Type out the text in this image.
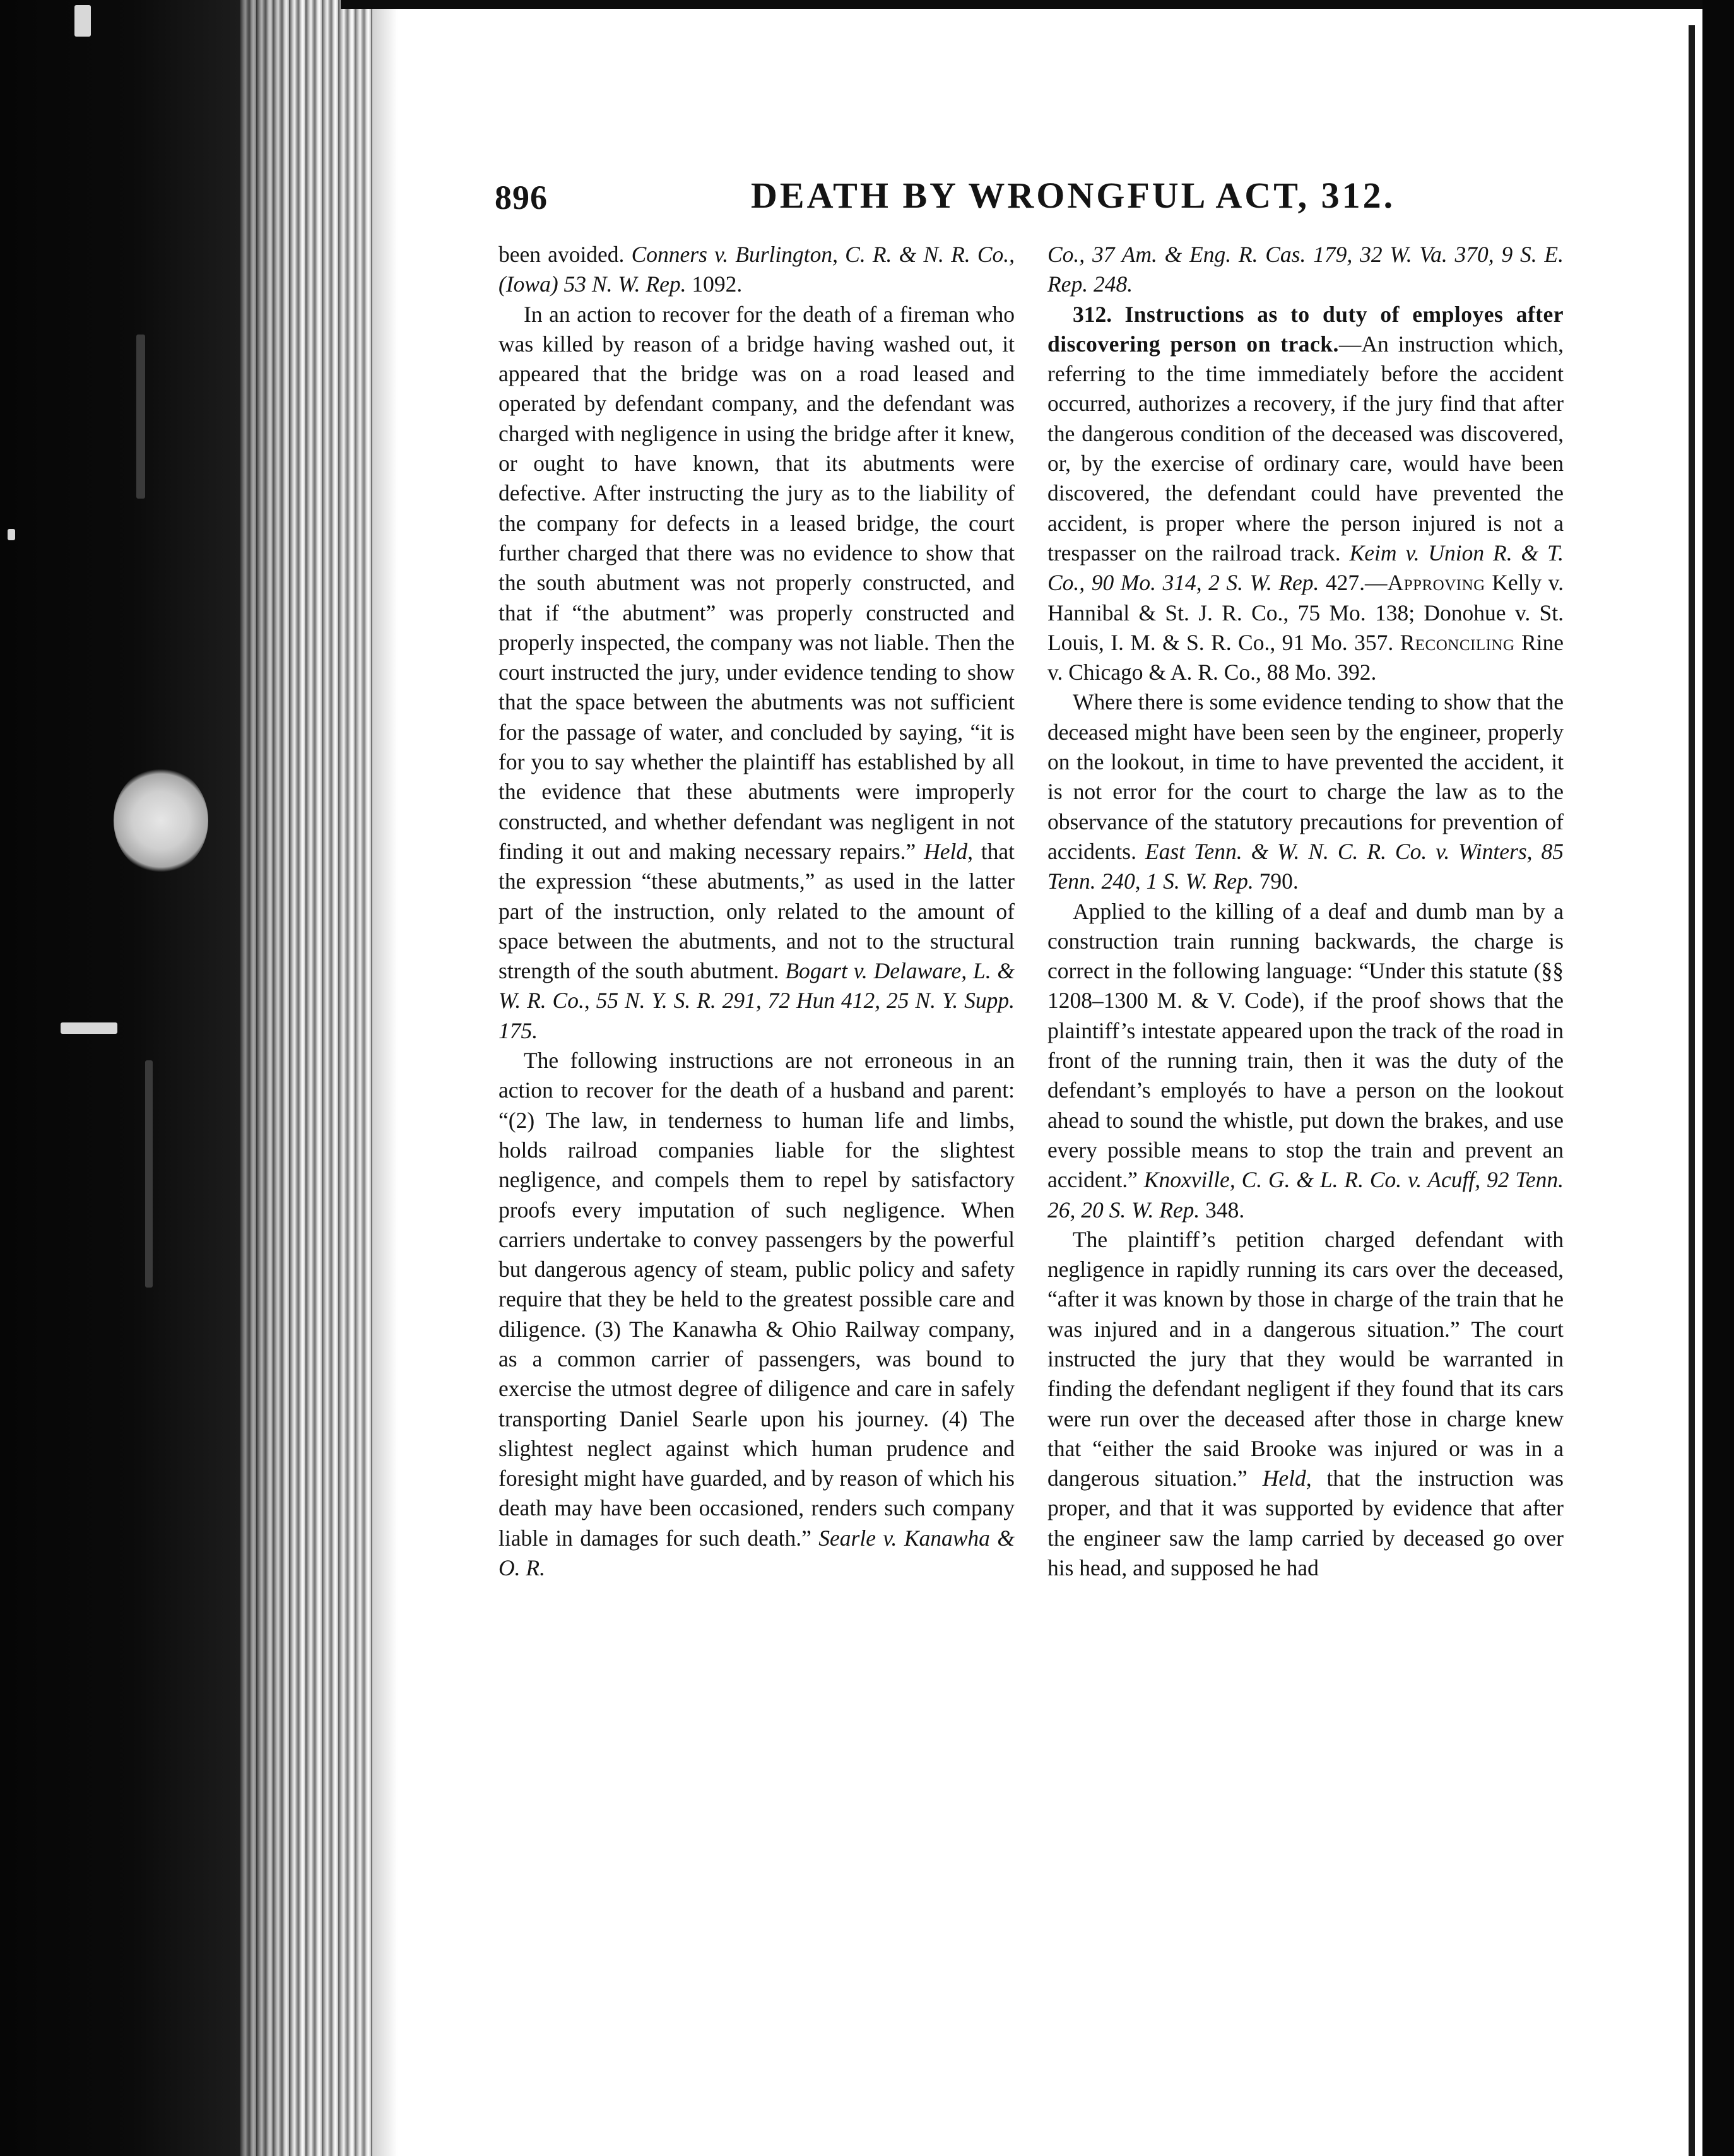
896	DEATH BY WRONGFUL ACT, 312.

been avoided. Conners v. Burlington, C. R. & N. R. Co., (Iowa) 53 N. W. Rep. 1092.

In an action to recover for the death of a fireman who was killed by reason of a bridge having washed out, it appeared that the bridge was on a road leased and operated by defendant company, and the defendant was charged with negligence in using the bridge after it knew, or ought to have known, that its abutments were defective. After instructing the jury as to the liability of the company for defects in a leased bridge, the court further charged that there was no evidence to show that the south abutment was not properly constructed, and that if “the abutment” was properly constructed and properly inspected, the company was not liable. Then the court instructed the jury, under evidence tending to show that the space between the abutments was not sufficient for the passage of water, and concluded by saying, “it is for you to say whether the plaintiff has established by all the evidence that these abutments were improperly constructed, and whether defendant was negligent in not finding it out and making necessary repairs.” Held, that the expression “these abutments,” as used in the latter part of the instruction, only related to the amount of space between the abutments, and not to the structural strength of the south abutment. Bogart v. Delaware, L. & W. R. Co., 55 N. Y. S. R. 291, 72 Hun 412, 25 N. Y. Supp. 175.

The following instructions are not erroneous in an action to recover for the death of a husband and parent: “(2) The law, in tenderness to human life and limbs, holds railroad companies liable for the slightest negligence, and compels them to repel by satisfactory proofs every imputation of such negligence. When carriers undertake to convey passengers by the powerful but dangerous agency of steam, public policy and safety require that they be held to the greatest possible care and diligence. (3) The Kanawha & Ohio Railway company, as a common carrier of passengers, was bound to exercise the utmost degree of diligence and care in safely transporting Daniel Searle upon his journey. (4) The slightest neglect against which human prudence and foresight might have guarded, and by reason of which his death may have been occasioned, renders such company liable in damages for such death.” Searle v. Kanawha & O. R.

Co., 37 Am. & Eng. R. Cas. 179, 32 W. Va. 370, 9 S. E. Rep. 248.

312. Instructions as to duty of employes after discovering person on track.—An instruction which, referring to the time immediately before the accident occurred, authorizes a recovery, if the jury find that after the dangerous condition of the deceased was discovered, or, by the exercise of ordinary care, would have been discovered, the defendant could have prevented the accident, is proper where the person injured is not a trespasser on the railroad track. Keim v. Union R. & T. Co., 90 Mo. 314, 2 S. W. Rep. 427.—Approving Kelly v. Hannibal & St. J. R. Co., 75 Mo. 138; Donohue v. St. Louis, I. M. & S. R. Co., 91 Mo. 357. Reconciling Rine v. Chicago & A. R. Co., 88 Mo. 392.

Where there is some evidence tending to show that the deceased might have been seen by the engineer, properly on the lookout, in time to have prevented the accident, it is not error for the court to charge the law as to the observance of the statutory precautions for prevention of accidents. East Tenn. & W. N. C. R. Co. v. Winters, 85 Tenn. 240, 1 S. W. Rep. 790.

Applied to the killing of a deaf and dumb man by a construction train running backwards, the charge is correct in the following language: “Under this statute (§§ 1208–1300 M. & V. Code), if the proof shows that the plaintiff’s intestate appeared upon the track of the road in front of the running train, then it was the duty of the defendant’s employés to have a person on the lookout ahead to sound the whistle, put down the brakes, and use every possible means to stop the train and prevent an accident.” Knoxville, C. G. & L. R. Co. v. Acuff, 92 Tenn. 26, 20 S. W. Rep. 348.

The plaintiff’s petition charged defendant with negligence in rapidly running its cars over the deceased, “after it was known by those in charge of the train that he was injured and in a dangerous situation.” The court instructed the jury that they would be warranted in finding the defendant negligent if they found that its cars were run over the deceased after those in charge knew that “either the said Brooke was injured or was in a dangerous situation.” Held, that the instruction was proper, and that it was supported by evidence that after the engineer saw the lamp carried by deceased go over his head, and supposed he had
